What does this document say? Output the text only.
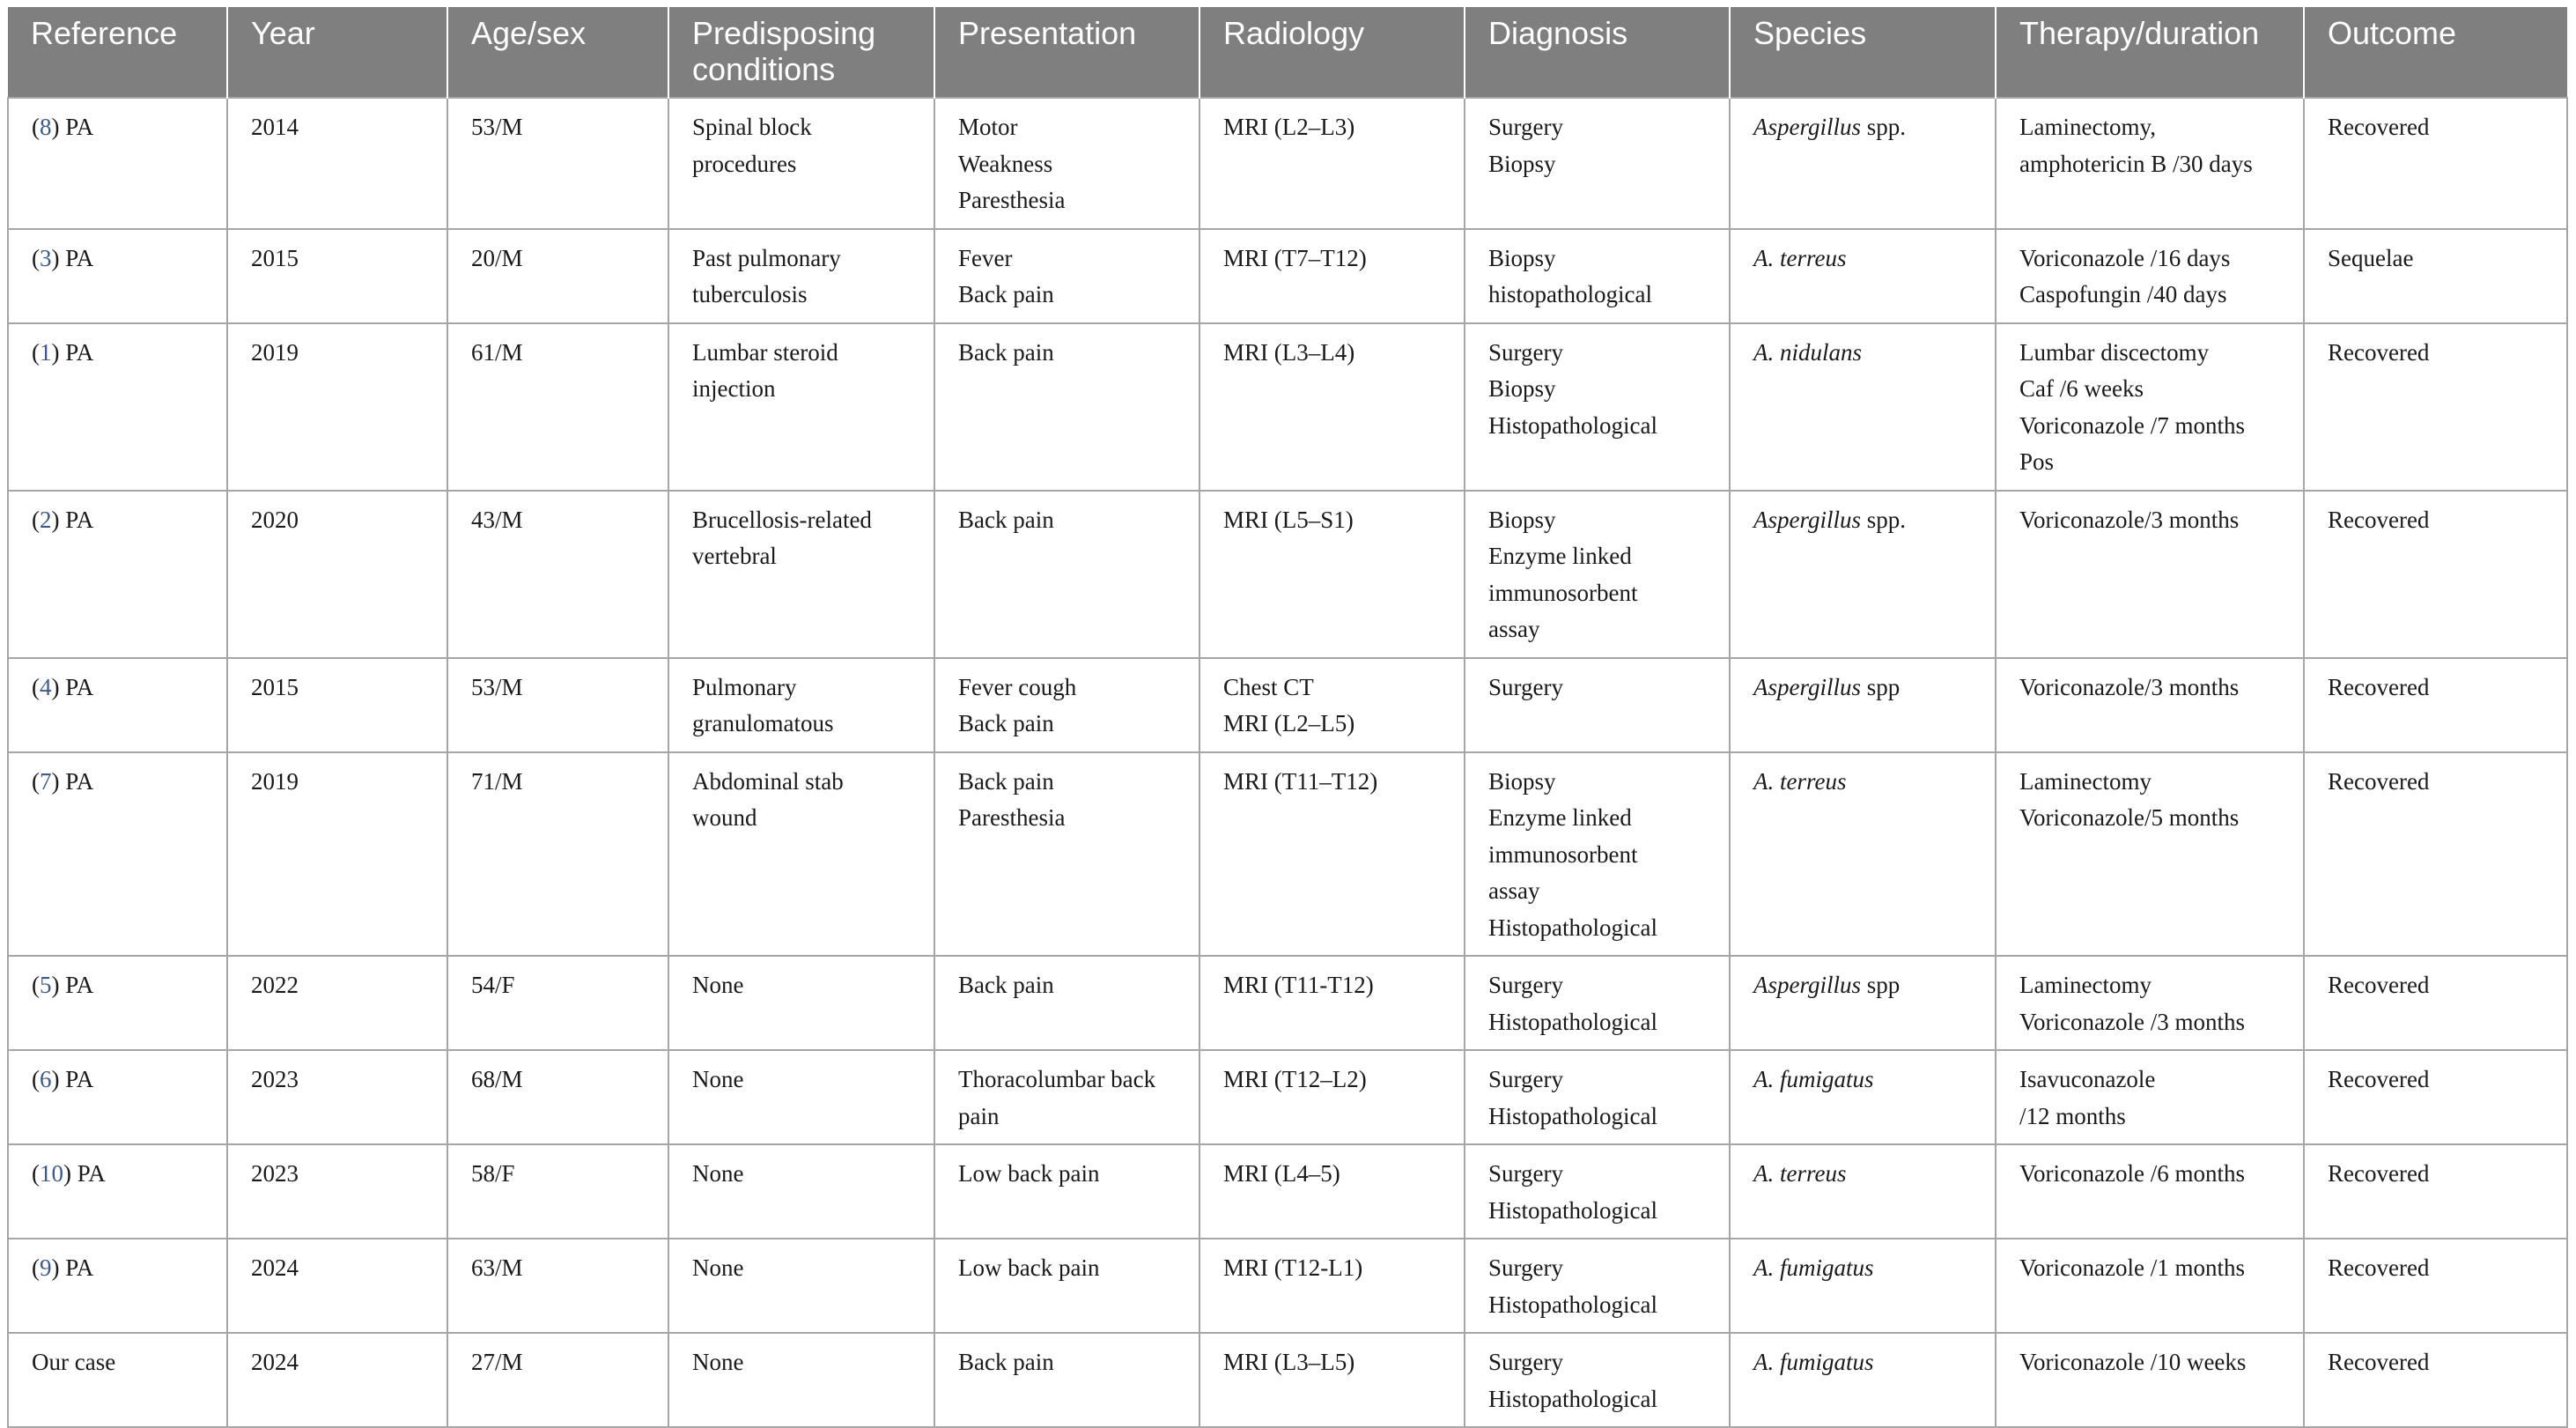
Reference	Year	Age/sex	Predisposing conditions	Presentation	Radiology	Diagnosis	Species	Therapy/duration	Outcome
(8) PA	2014	53/M	Spinal block
procedures	Motor
Weakness
Paresthesia	MRI (L2–L3)	Surgery
Biopsy	Aspergillus spp.	Laminectomy,
amphotericin B /30 days	Recovered
(3) PA	2015	20/M	Past pulmonary
tuberculosis	Fever
Back pain	MRI (T7–T12)	Biopsy
histopathological	A. terreus	Voriconazole /16 days
Caspofungin /40 days	Sequelae
(1) PA	2019	61/M	Lumbar steroid
injection	Back pain	MRI (L3–L4)	Surgery
Biopsy
Histopathological	A. nidulans	Lumbar discectomy
Caf /6 weeks
Voriconazole /7 months
Pos	Recovered
(2) PA	2020	43/M	Brucellosis-related
vertebral	Back pain	MRI (L5–S1)	Biopsy
Enzyme linked
immunosorbent
assay	Aspergillus spp.	Voriconazole/3 months	Recovered
(4) PA	2015	53/M	Pulmonary
granulomatous	Fever cough
Back pain	Chest CT
MRI (L2–L5)	Surgery	Aspergillus spp	Voriconazole/3 months	Recovered
(7) PA	2019	71/M	Abdominal stab
wound	Back pain
Paresthesia	MRI (T11–T12)	Biopsy
Enzyme linked
immunosorbent
assay
Histopathological	A. terreus	Laminectomy
Voriconazole/5 months	Recovered
(5) PA	2022	54/F	None	Back pain	MRI (T11-T12)	Surgery
Histopathological	Aspergillus spp	Laminectomy
Voriconazole /3 months	Recovered
(6) PA	2023	68/M	None	Thoracolumbar back
pain	MRI (T12–L2)	Surgery
Histopathological	A. fumigatus	Isavuconazole
/12 months	Recovered
(10) PA	2023	58/F	None	Low back pain	MRI (L4–5)	Surgery
Histopathological	A. terreus	Voriconazole /6 months	Recovered
(9) PA	2024	63/M	None	Low back pain	MRI (T12-L1)	Surgery
Histopathological	A. fumigatus	Voriconazole /1 months	Recovered
Our case	2024	27/M	None	Back pain	MRI (L3–L5)	Surgery
Histopathological	A. fumigatus	Voriconazole /10 weeks	Recovered
